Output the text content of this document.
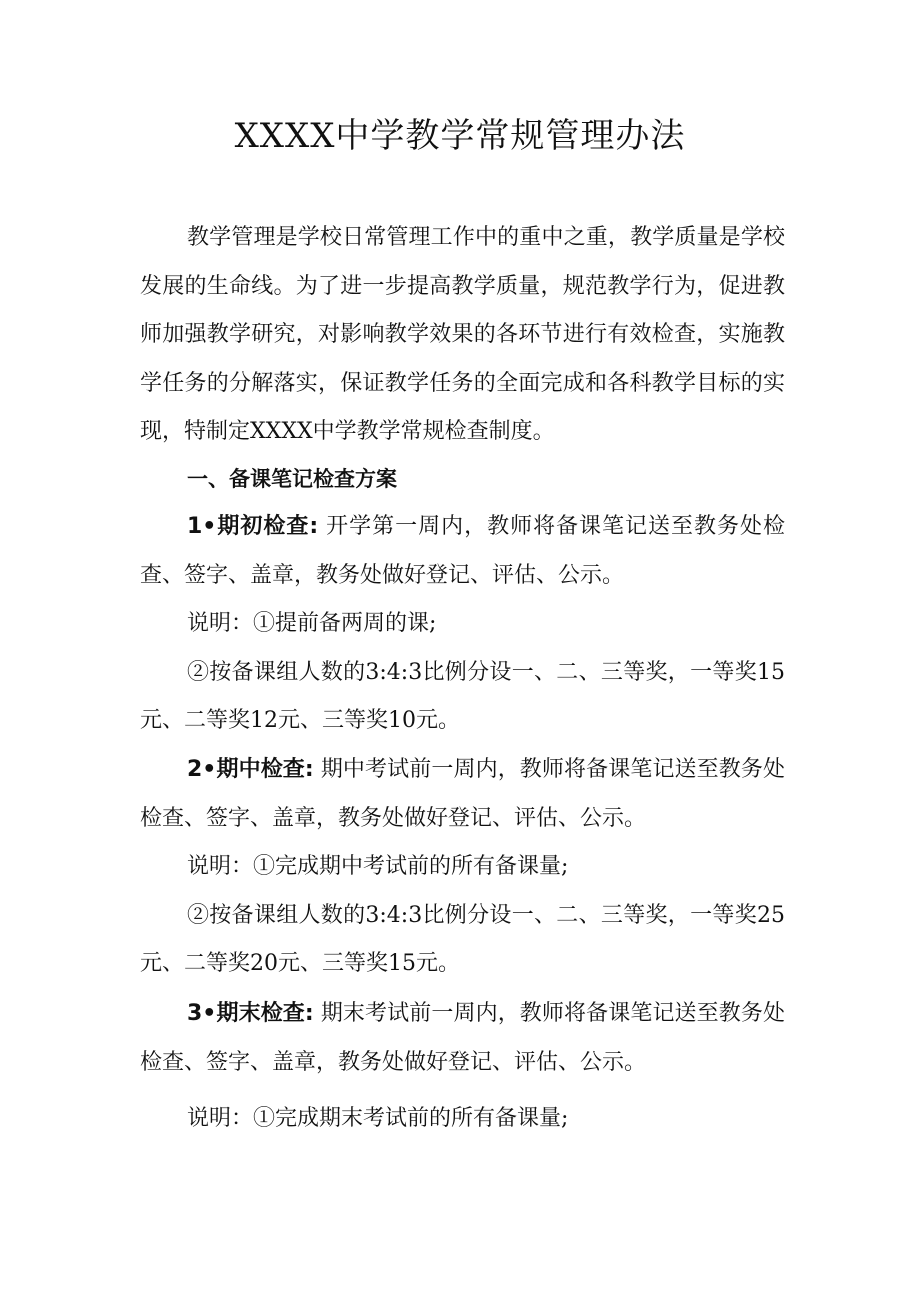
XXXX中学教学常规管理办法

教学管理是学校日常管理工作中的重中之重，教学质量是学校发展的生命线。为了进一步提高教学质量，规范教学行为，促进教师加强教学研究，对影响教学效果的各环节进行有效检查，实施教学任务的分解落实，保证教学任务的全面完成和各科教学目标的实现，特制定XXXX中学教学常规检查制度。

一、备课笔记检查方案

1•期初检查: 开学第一周内，教师将备课笔记送至教务处检查、签字、盖章，教务处做好登记、评估、公示。

说明：①提前备两周的课;

②按备课组人数的3:4:3比例分设一、二、三等奖，一等奖15元、二等奖12元、三等奖10元。

2•期中检查: 期中考试前一周内，教师将备课笔记送至教务处检查、签字、盖章，教务处做好登记、评估、公示。

说明：①完成期中考试前的所有备课量;

②按备课组人数的3:4:3比例分设一、二、三等奖，一等奖25元、二等奖20元、三等奖15元。

3•期末检查: 期末考试前一周内，教师将备课笔记送至教务处检查、签字、盖章，教务处做好登记、评估、公示。

说明：①完成期末考试前的所有备课量;
